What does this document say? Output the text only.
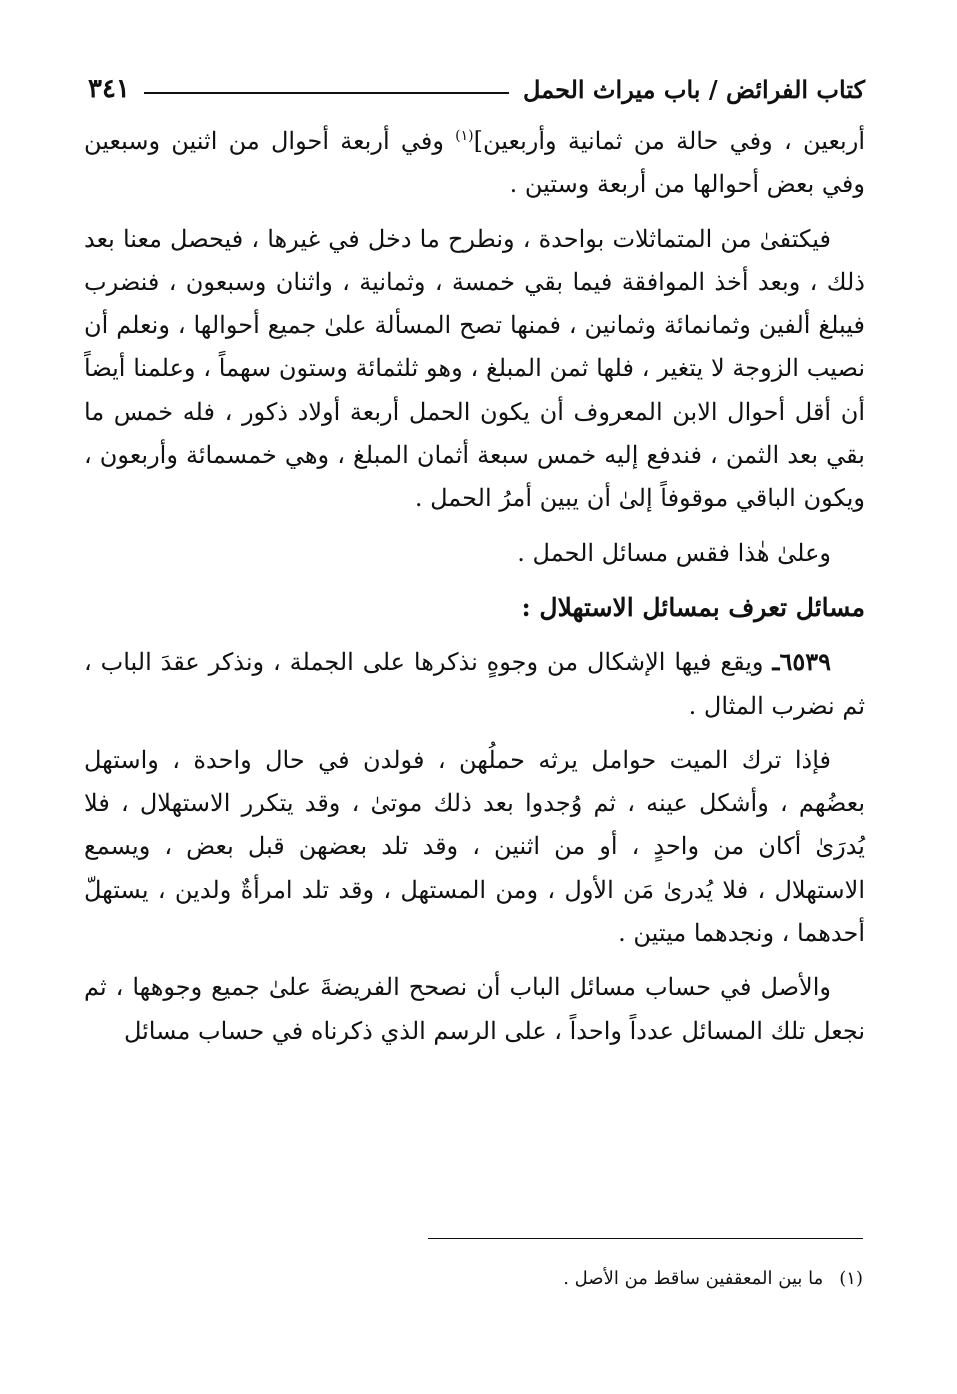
كتاب الفرائض / باب ميراث الحمل
٣٤١

أربعين ، وفي حالة من ثمانية وأربعين]$^{(١)}$ وفي أربعة أحوال من اثنين وسبعين وفي بعض أحوالها من أربعة وستين .

فيكتفىٰ من المتماثلات بواحدة ، ونطرح ما دخل في غيرها ، فيحصل معنا بعد ذلك ، وبعد أخذ الموافقة فيما بقي خمسة ، وثمانية ، واثنان وسبعون ، فنضرب فيبلغ ألفين وثمانمائة وثمانين ، فمنها تصح المسألة علىٰ جميع أحوالها ، ونعلم أن نصيب الزوجة لا يتغير ، فلها ثمن المبلغ ، وهو ثلثمائة وستون سهماً ، وعلمنا أيضاً أن أقل أحوال الابن المعروف أن يكون الحمل أربعة أولاد ذكور ، فله خمس ما بقي بعد الثمن ، فندفع إليه خمس سبعة أثمان المبلغ ، وهي خمسمائة وأربعون ، ويكون الباقي موقوفاً إلىٰ أن يبين أمرُ الحمل .

وعلىٰ هٰذا فقس مسائل الحمل .

مسائل تعرف بمسائل الاستهلال :

٦٥٣٩ـ ويقع فيها الإشكال من وجوهٍ نذكرها على الجملة ، ونذكر عقدَ الباب ، ثم نضرب المثال .

فإذا ترك الميت حوامل يرثه حملُهن ، فولدن في حال واحدة ، واستهل بعضُهم ، وأشكل عينه ، ثم وُجدوا بعد ذلك موتىٰ ، وقد يتكرر الاستهلال ، فلا يُدرَىٰ أكان من واحدٍ ، أو من اثنين ، وقد تلد بعضهن قبل بعض ، ويسمع الاستهلال ، فلا يُدرىٰ مَن الأول ، ومن المستهل ، وقد تلد امرأةٌ ولدين ، يستهلّ أحدهما ، ونجدهما ميتين .

والأصل في حساب مسائل الباب أن نصحح الفريضةَ علىٰ جميع وجوهها ، ثم نجعل تلك المسائل عدداً واحداً ، على الرسم الذي ذكرناه في حساب مسائل

(١)ما بين المعقفين ساقط من الأصل .
